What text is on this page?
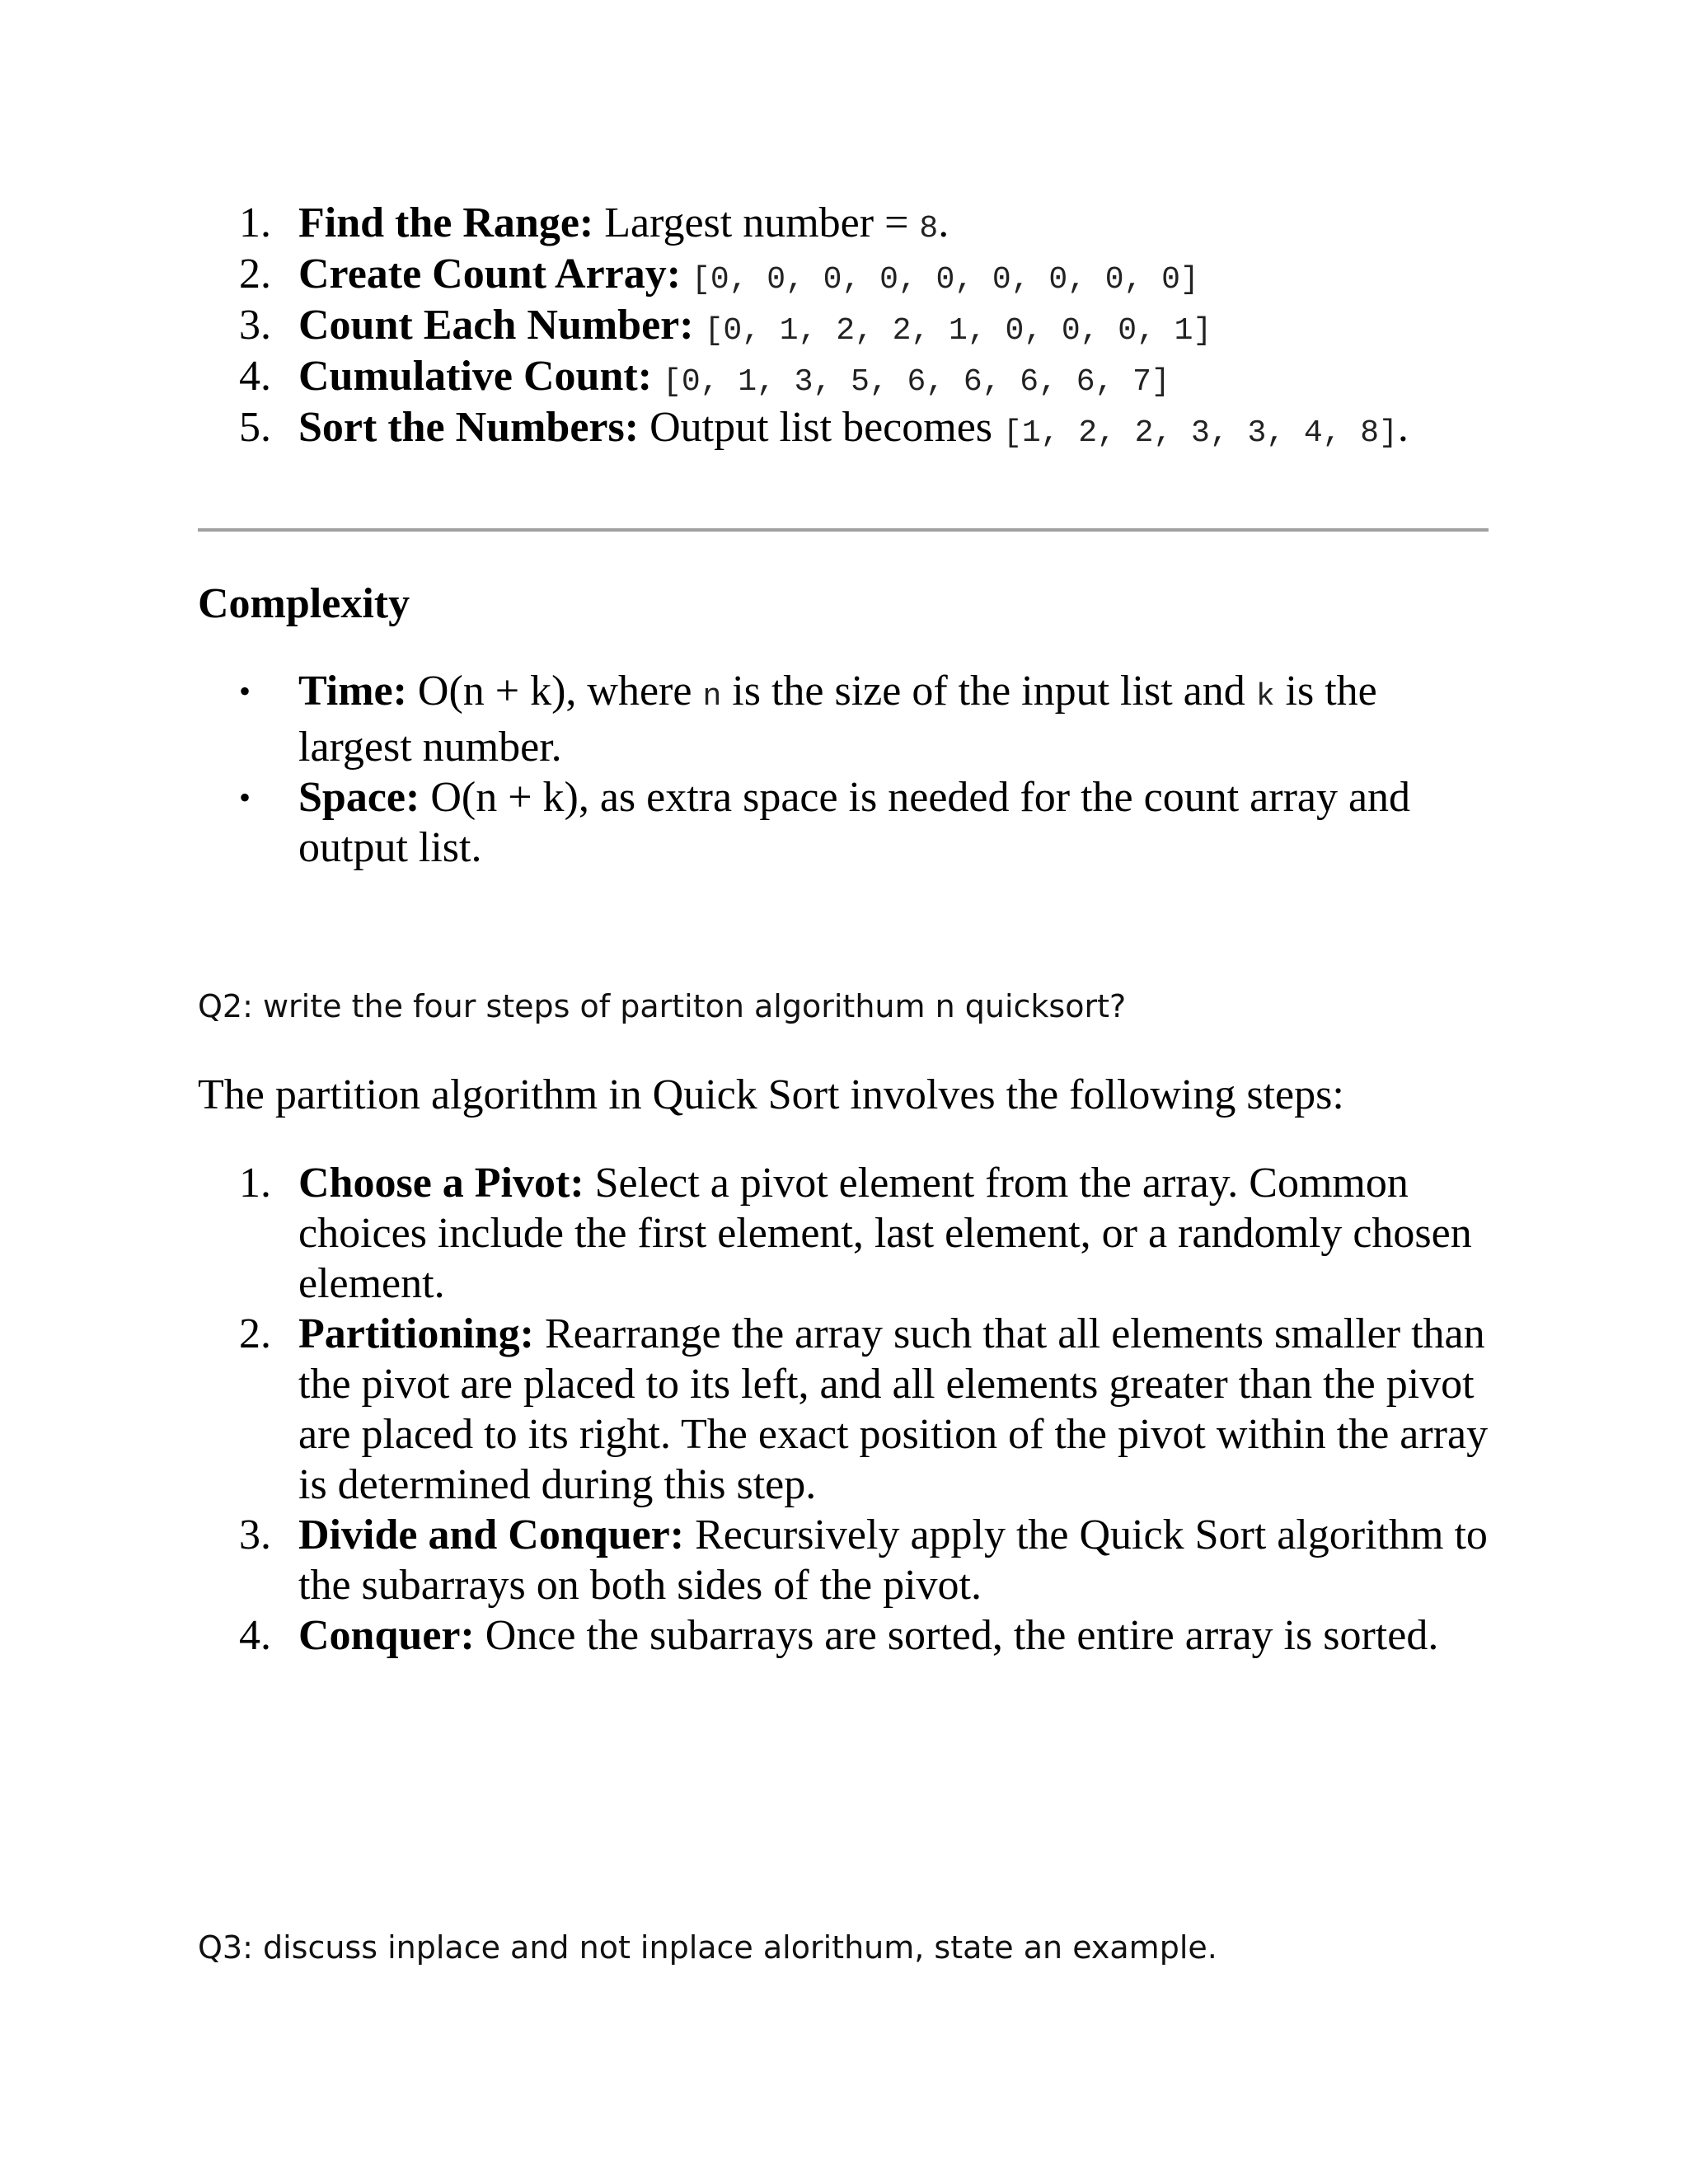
1. Find the Range: Largest number = 8.
2. Create Count Array: [0, 0, 0, 0, 0, 0, 0, 0, 0]
3. Count Each Number: [0, 1, 2, 2, 1, 0, 0, 0, 1]
4. Cumulative Count: [0, 1, 3, 5, 6, 6, 6, 6, 7]
5. Sort the Numbers: Output list becomes [1, 2, 2, 3, 3, 4, 8].
Complexity
•	Time: O(n + k), where n is the size of the input list and k is the largest number.
•	Space: O(n + k), as extra space is needed for the count array and output list.
Q2: write the four steps of partiton algorithum n quicksort?
The partition algorithm in Quick Sort involves the following steps:
1. Choose a Pivot: Select a pivot element from the array. Common choices include the first element, last element, or a randomly chosen element.
2. Partitioning: Rearrange the array such that all elements smaller than the pivot are placed to its left, and all elements greater than the pivot are placed to its right. The exact position of the pivot within the array is determined during this step.
3. Divide and Conquer: Recursively apply the Quick Sort algorithm to the subarrays on both sides of the pivot.
4. Conquer: Once the subarrays are sorted, the entire array is sorted.
Q3: discuss inplace and not inplace alorithum, state an example.
